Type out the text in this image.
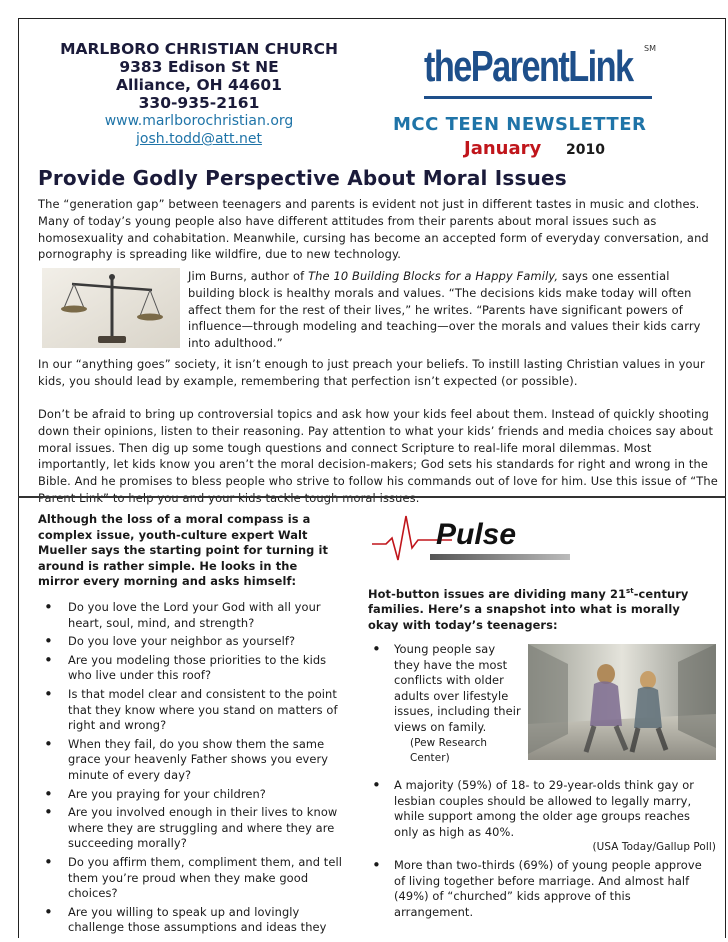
MARLBORO CHRISTIAN CHURCH
9383 Edison St NE
Alliance, OH 44601
330-935-2161
www.marlborochristian.org
josh.todd@att.net
theParentLink SM
MCC TEEN NEWSLETTER
January 2010
Provide Godly Perspective About Moral Issues
The “generation gap” between teenagers and parents is evident not just in different tastes in music and clothes. Many of today’s young people also have different attitudes from their parents about moral issues such as homosexuality and cohabitation. Meanwhile, cursing has become an accepted form of everyday conversation, and pornography is spreading like wildfire, due to new technology.
Jim Burns, author of The 10 Building Blocks for a Happy Family, says one essential building block is healthy morals and values. “The decisions kids make today will often affect them for the rest of their lives,” he writes. “Parents have significant powers of influence—through modeling and teaching—over the morals and values their kids carry into adulthood.”
In our “anything goes” society, it isn’t enough to just preach your beliefs. To instill lasting Christian values in your kids, you should lead by example, remembering that perfection isn’t expected (or possible).
Don’t be afraid to bring up controversial topics and ask how your kids feel about them. Instead of quickly shooting down their opinions, listen to their reasoning. Pay attention to what your kids’ friends and media choices say about moral issues. Then dig up some tough questions and connect Scripture to real-life moral dilemmas. Most importantly, let kids know you aren’t the moral decision-makers; God sets his standards for right and wrong in the Bible. And he promises to bless people who strive to follow his commands out of love for him. Use this issue of “The
Although the loss of a moral compass is a complex issue, youth-culture expert Walt Mueller says the starting point for turning it around is rather simple. He looks in the mirror every morning and asks himself:
• Do you love the Lord your God with all your heart, soul, mind, and strength?
• Do you love your neighbor as yourself?
• Are you modeling those priorities to the kids who live under this roof?
• Is that model clear and consistent to the point that they know where you stand on matters of right and wrong?
• When they fail, do you show them the same grace your heavenly Father shows you every minute of every day?
• Are you praying for your children?
• Are you involved enough in their lives to know where they are struggling and where they are succeeding morally?
• Do you affirm them, compliment them, and tell them you’re proud when they make good choices?
• Are you willing to speak up and lovingly challenge those assumptions and ideas they
Pulse
Hot-button issues are dividing many 21st-century families. Here’s a snapshot into what is morally okay with today’s teenagers:
• Young people say they have the most conflicts with older adults over lifestyle issues, including their views on family.
(Pew Research Center)
• A majority (59%) of 18- to 29-year-olds think gay or lesbian couples should be allowed to legally marry, while support among the older age groups reaches only as high as 40%.
(USA Today/Gallup Poll)
• More than two-thirds (69%) of young people approve of living together before marriage. And almost half (49%) of “churched” kids approve of this arrangement.
